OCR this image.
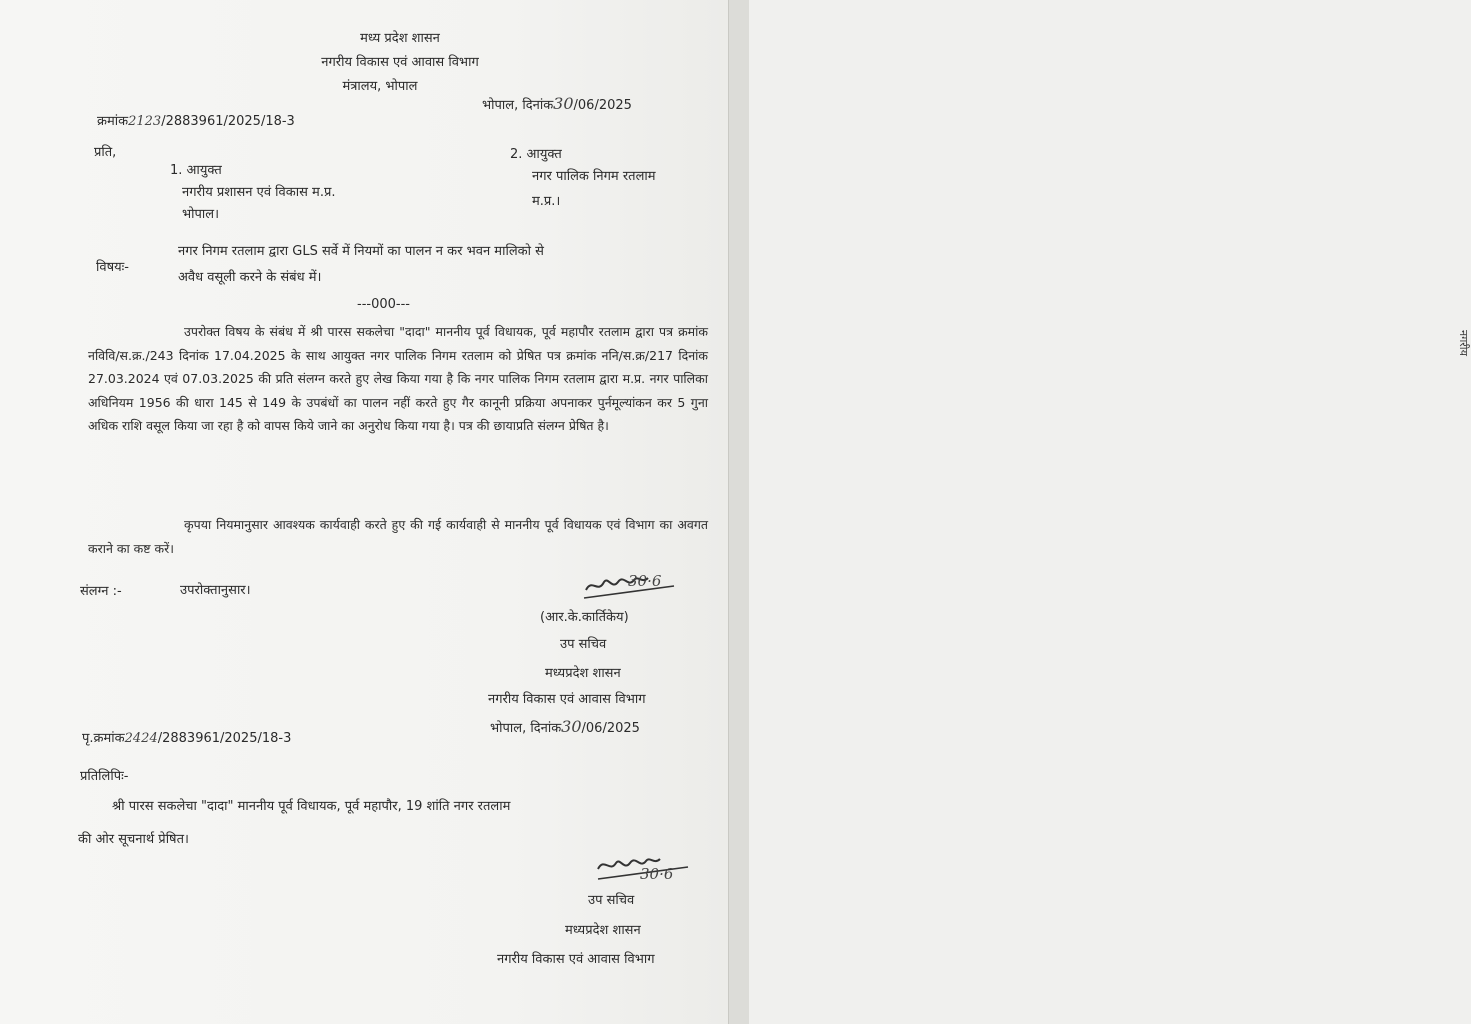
नगरीय
मध्य प्रदेश शासन
नगरीय विकास एवं आवास विभाग
मंत्रालय, भोपाल
क्रमांक2123/2883961/2025/18-3
भोपाल, दिनांक30/06/2025
प्रति,
1. आयुक्त
नगरीय प्रशासन एवं विकास म.प्र.
भोपाल।
2. आयुक्त
नगर पालिक निगम रतलाम
म.प्र.।
विषयः-
नगर निगम रतलाम द्वारा GLS सर्वे में नियमों का पालन न कर भवन मालिको से
अवैध वसूली करने के संबंध में।
---000---
उपरोक्त विषय के संबंध में श्री पारस सकलेचा "दादा" माननीय पूर्व विधायक, पूर्व महापौर रतलाम द्वारा पत्र क्रमांक नविवि/स.क्र./243 दिनांक 17.04.2025 के साथ आयुक्त नगर पालिक निगम रतलाम को प्रेषित पत्र क्रमांक ननि/स.क्र/217 दिनांक 27.03.2024 एवं 07.03.2025 की प्रति संलग्न करते हुए लेख किया गया है कि नगर पालिक निगम रतलाम द्वारा म.प्र. नगर पालिका अधिनियम 1956 की धारा 145 से 149 के उपबंधों का पालन नहीं करते हुए गैर कानूनी प्रक्रिया अपनाकर पुर्नमूल्यांकन कर 5 गुना अधिक राशि वसूल किया जा रहा है को वापस किये जाने का अनुरोध किया गया है। पत्र की छायाप्रति संलग्न प्रेषित है।
कृपया नियमानुसार आवश्यक कार्यवाही करते हुए की गई कार्यवाही से माननीय पूर्व विधायक एवं विभाग का अवगत कराने का कष्ट करें।
संलग्न :-	उपरोक्तानुसार।
30·6
(आर.के.कार्तिकेय)
उप सचिव
मध्यप्रदेश शासन
नगरीय विकास एवं आवास विभाग
भोपाल, दिनांक30/06/2025
पृ.क्रमांक2424/2883961/2025/18-3
प्रतिलिपिः-
श्री पारस सकलेचा "दादा" माननीय पूर्व विधायक, पूर्व महापौर, 19 शांति नगर रतलाम
की ओर सूचनार्थ प्रेषित।
30·6
उप सचिव
मध्यप्रदेश शासन
नगरीय विकास एवं आवास विभाग
